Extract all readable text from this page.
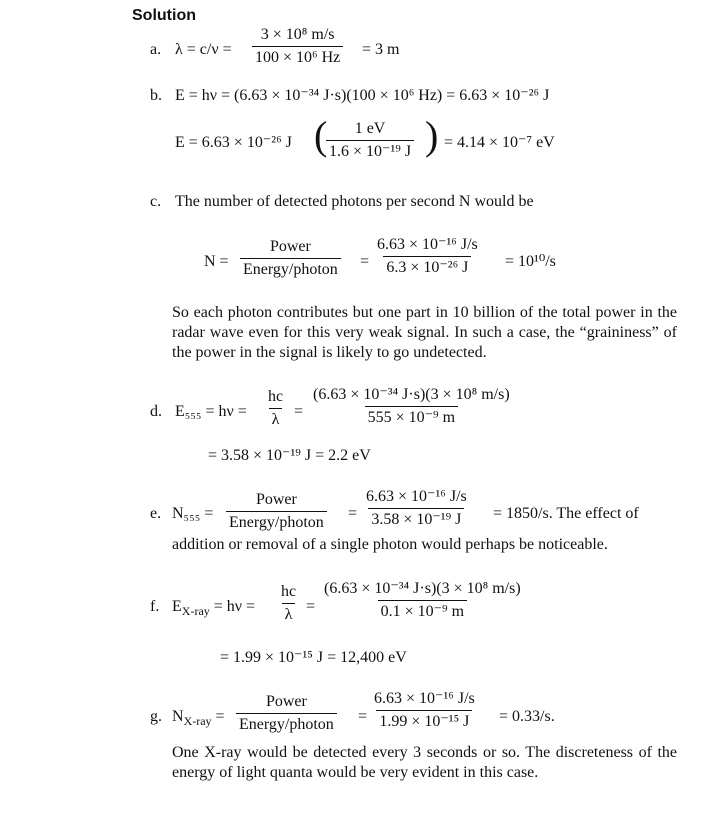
Solution
a. $\lambda = c/\nu = \frac{\text{3 × 10⁸ m/s}}{\text{100 × 10⁶ Hz}} = 3$ m
b. E = hν = (6.63 × 10⁻³⁴ J·s)(100 × 10⁶ Hz) = 6.63 × 10⁻²⁶ J
E = 6.63 × 10⁻²⁶ J (
$\frac{1 eV}{\text{1.6 × 10⁻¹⁹ J}}$ ) = 4.14 × 10⁻⁷ eV
c. The number of detected photons per second N would be
N =
Power
Energy/photon = $\frac{\text{6.63 × 10⁻¹⁶ J/s}}{\text{6.3 × 10⁻²⁶ J}} = 10^{10}/s$
So each photon contributes but one part in 10 billion of the total power in the radar wave even for this very weak signal. In such a case, the “graininess” of the power in the signal is likely to go undetected.
d. $E_{555} = h\nu = \frac{hc}{\lambda} = \frac{\text{(6.63 × 10⁻³⁴ J·s)(3 × 10⁸ m/s)}}{\text{555 × 10⁻⁹ m}}$
= 3.58 × 10⁻¹⁹ J = 2.2 eV
e. N₅₅₅ =
Power
Energy/photon
= $\frac{\text{6.63 × 10⁻¹⁶ J/s}}{\text{3.58 × 10⁻¹⁹ J}} = 1850/s$. The effect of
addition or removal of a single photon would perhaps be noticeable.
f. $E_{X-ray} = h\nu = \frac{hc}{\lambda} = \frac{\text{(6.63 × 10⁻³⁴ J·s)(3 × 10⁸ m/s)}}{\text{0.1 × 10⁻⁹ m}}$
= 1.99 × 10⁻¹⁵ J = 12,400 eV
g. $N_{X-ray}$ =
Power
Energy/photon = $\frac{\text{6.63 × 10⁻¹⁶ J/s}}{\text{1.99 × 10⁻¹⁵ J}} = 0.33/s$.
One X-ray would be detected every 3 seconds or so. The discreteness of the energy of light quanta would be very evident in this case.
